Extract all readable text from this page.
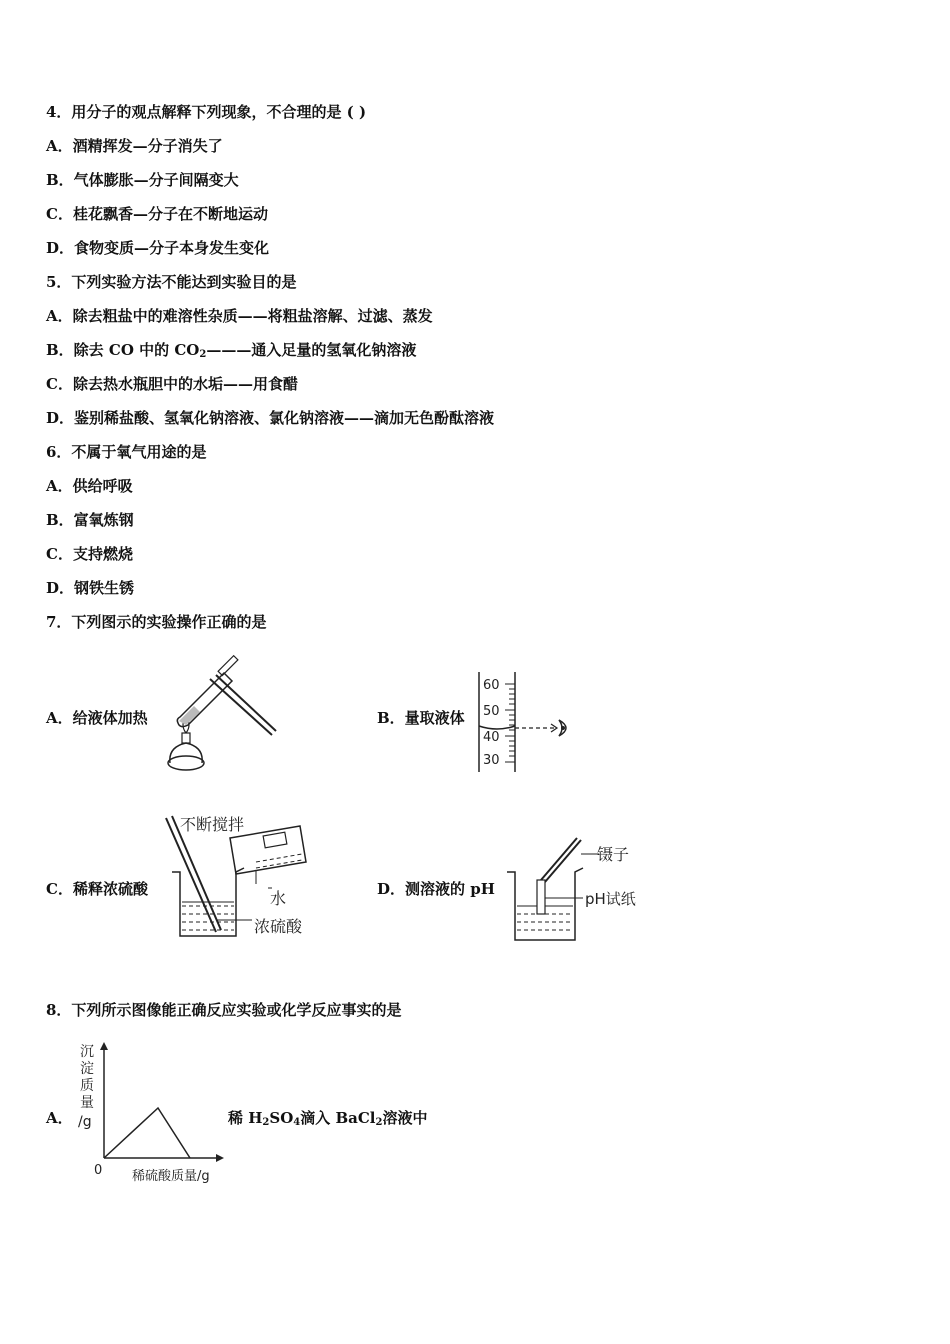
4．用分子的观点解释下列现象，不合理的是 ( )
A．酒精挥发—分子消失了
B．气体膨胀—分子间隔变大
C．桂花飘香—分子在不断地运动
D．食物变质—分子本身发生变化
5．下列实验方法不能达到实验目的是
A．除去粗盐中的难溶性杂质——将粗盐溶解、过滤、蒸发
B．除去 CO 中的 $CO_2———$通入足量的氢氧化钠溶液
C．除去热水瓶胆中的水垢——用食醋
D．鉴别稀盐酸、氢氧化钠溶液、氯化钠溶液——滴加无色酚酞溶液
6．不属于氧气用途的是
A．供给呼吸
B．富氧炼钢
C．支持燃烧
D．钢铁生锈
7．下列图示的实验操作正确的是
A．给液体加热	B．量取液体
60
50
40
30
C．稀释浓硫酸
不断搅拌
水
浓硫酸
D．测溶液的 pH
镊子
pH试纸
8．下列所示图像能正确反应实验或化学反应事实的是
A．
沉
淀
质
量
/g
0 稀硫酸质量/g
稀 $H_2SO_4$滴入 BaCl$_2$溶液中
